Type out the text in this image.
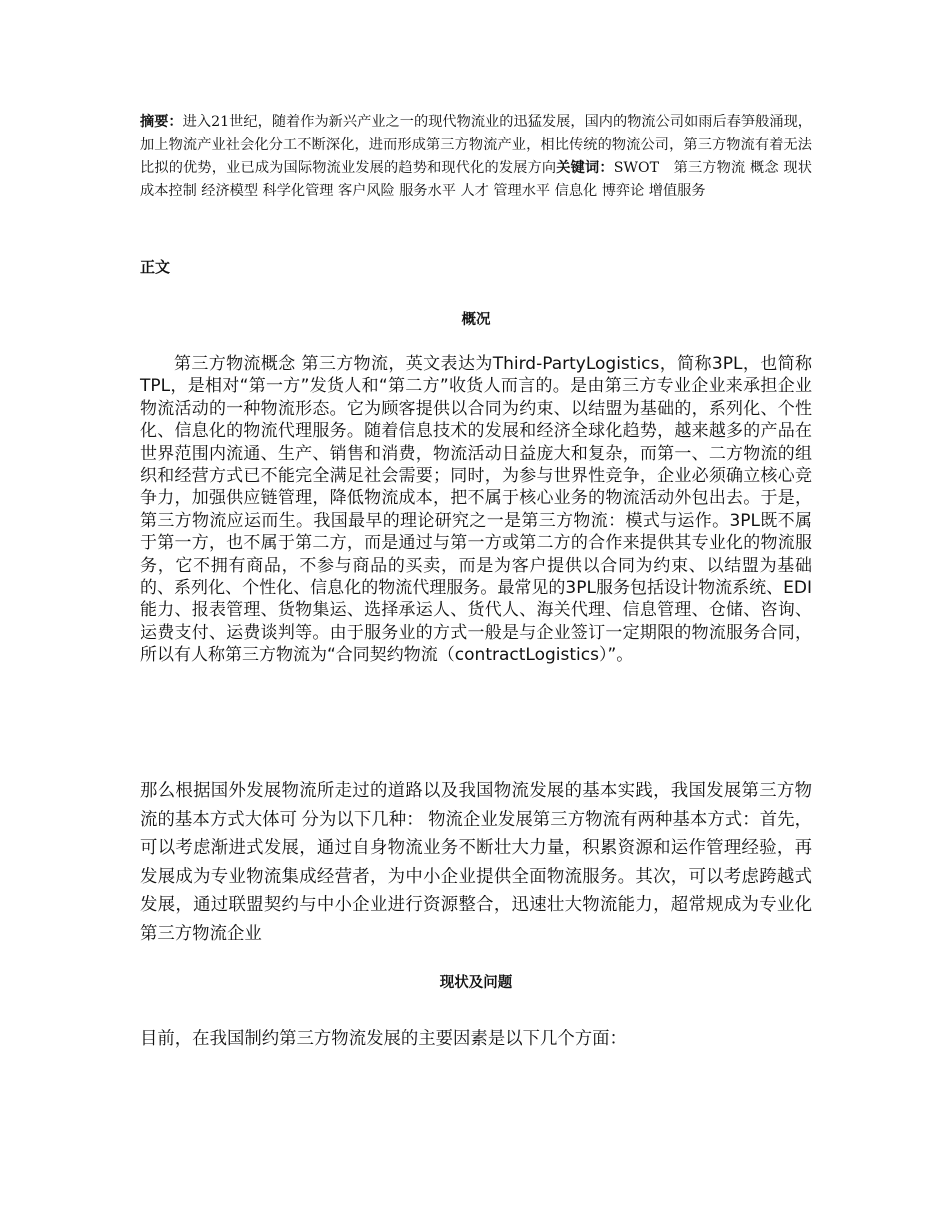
摘要：进入21世纪，随着作为新兴产业之一的现代物流业的迅猛发展，国内的物流公司如雨后春笋般涌现，加上物流产业社会化分工不断深化，进而形成第三方物流产业，相比传统的物流公司，第三方物流有着无法比拟的优势，业已成为国际物流业发展的趋势和现代化的发展方向关键词：SWOT　第三方物流 概念 现状 成本控制 经济模型 科学化管理 客户风险 服务水平 人才 管理水平 信息化 博弈论 增值服务
正文
概况

第三方物流概念 第三方物流，英文表达为Third-PartyLogistics，简称3PL，也简称TPL，是相对“第一方”发货人和“第二方”收货人而言的。是由第三方专业企业来承担企业物流活动的一种物流形态。它为顾客提供以合同为约束、以结盟为基础的，系列化、个性化、信息化的物流代理服务。随着信息技术的发展和经济全球化趋势，越来越多的产品在世界范围内流通、生产、销售和消费，物流活动日益庞大和复杂，而第一、二方物流的组织和经营方式已不能完全满足社会需要；同时，为参与世界性竞争，企业必须确立核心竞争力，加强供应链管理，降低物流成本，把不属于核心业务的物流活动外包出去。于是，第三方物流应运而生。我国最早的理论研究之一是第三方物流：模式与运作。3PL既不属于第一方，也不属于第二方，而是通过与第一方或第二方的合作来提供其专业化的物流服务，它不拥有商品，不参与商品的买卖，而是为客户提供以合同为约束、以结盟为基础的、系列化、个性化、信息化的物流代理服务。最常见的3PL服务包括设计物流系统、EDI能力、报表管理、货物集运、选择承运人、货代人、海关代理、信息管理、仓储、咨询、运费支付、运费谈判等。由于服务业的方式一般是与企业签订一定期限的物流服务合同，所以有人称第三方物流为“合同契约物流（contractLogistics）”。

那么根据国外发展物流所走过的道路以及我国物流发展的基本实践，我国发展第三方物流的基本方式大体可 分为以下几种： 物流企业发展第三方物流有两种基本方式：首先，可以考虑渐进式发展，通过自身物流业务不断壮大力量，积累资源和运作管理经验，再发展成为专业物流集成经营者，为中小企业提供全面物流服务。其次，可以考虑跨越式发展，通过联盟契约与中小企业进行资源整合，迅速壮大物流能力，超常规成为专业化第三方物流企业

现状及问题

目前，在我国制约第三方物流发展的主要因素是以下几个方面：
